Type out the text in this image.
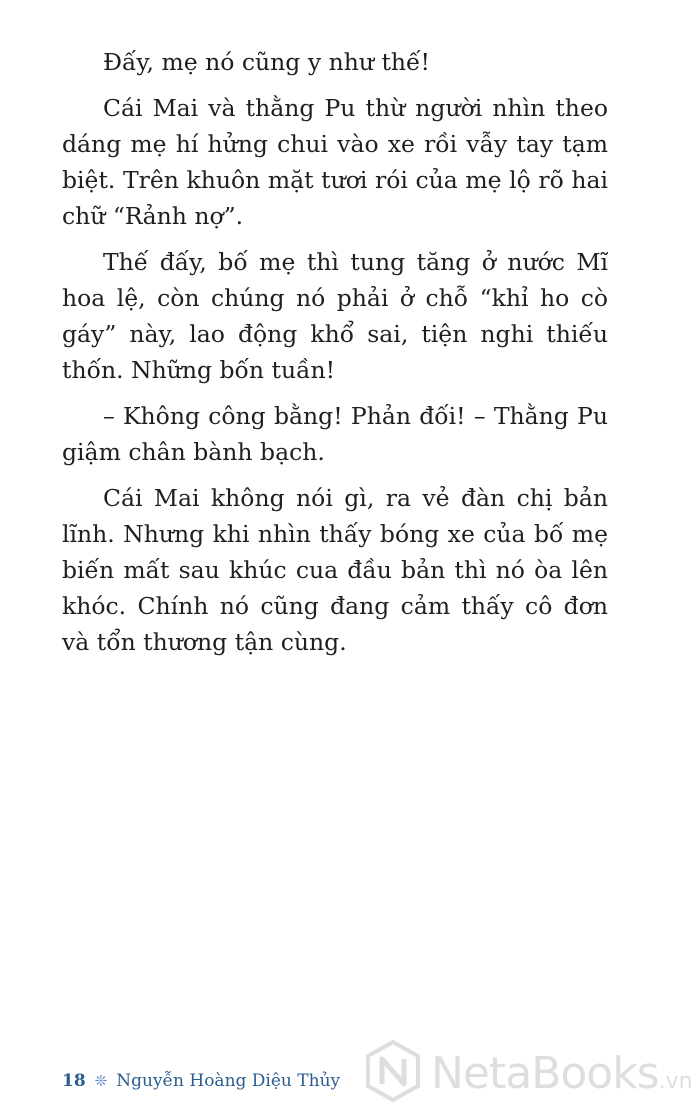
Đấy, mẹ nó cũng y như thế!

Cái Mai và thằng Pu thừ người nhìn theo dáng mẹ hí hửng chui vào xe rồi vẫy tay tạm biệt. Trên khuôn mặt tươi rói của mẹ lộ rõ hai chữ “Rảnh nợ”.

Thế đấy, bố mẹ thì tung tăng ở nước Mĩ hoa lệ, còn chúng nó phải ở chỗ “khỉ ho cò gáy” này, lao động khổ sai, tiện nghi thiếu thốn. Những bốn tuần!

– Không công bằng! Phản đối! – Thằng Pu giậm chân bành bạch.

Cái Mai không nói gì, ra vẻ đàn chị bản lĩnh. Nhưng khi nhìn thấy bóng xe của bố mẹ biến mất sau khúc cua đầu bản thì nó òa lên khóc. Chính nó cũng đang cảm thấy cô đơn và tổn thương tận cùng.

18 ❊ Nguyễn Hoàng Diệu Thủy NetaBooks.vn
